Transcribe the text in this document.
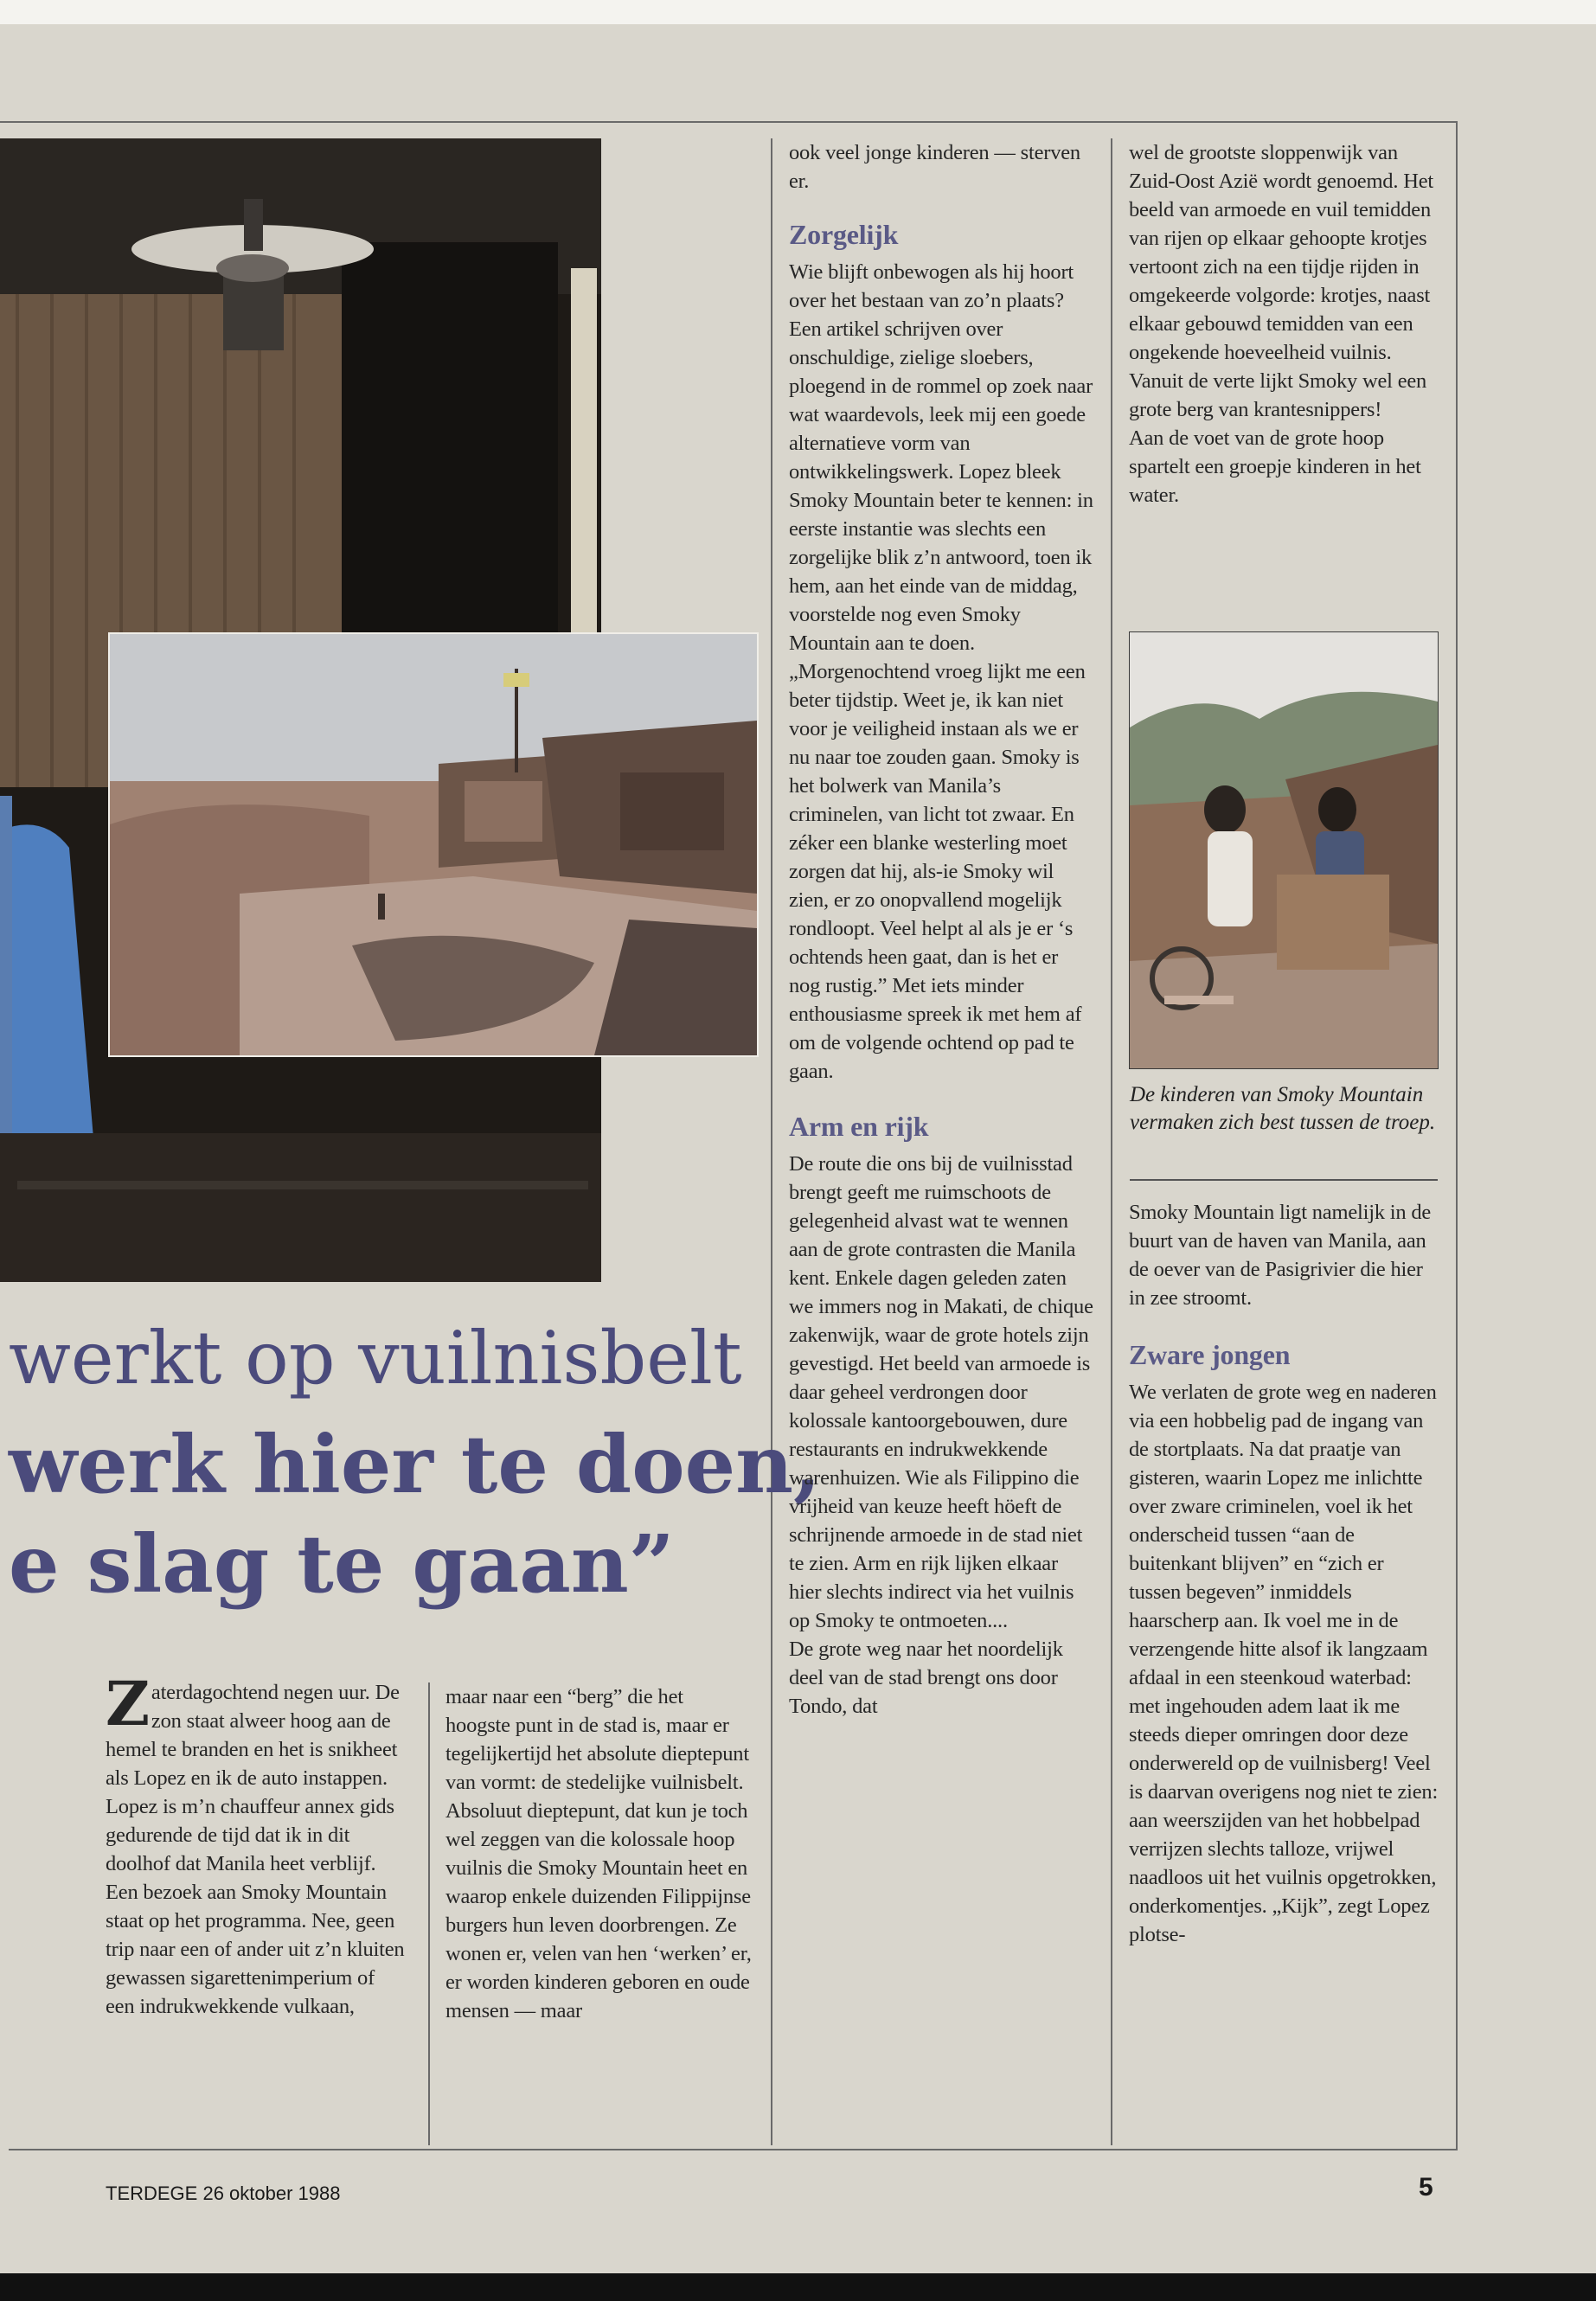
werkt op vuilnisbelt
werk hier te doen,
e slag te gaan”

Zaterdagochtend negen uur. De zon staat alweer hoog aan de hemel te branden en het is snikheet als Lopez en ik de auto instappen. Lopez is m’n chauffeur annex gids gedurende de tijd dat ik in dit doolhof dat Manila heet verblijf. Een bezoek aan Smoky Mountain staat op het programma. Nee, geen trip naar een of ander uit z’n kluiten gewassen sigarettenimperium of een indrukwekkende vulkaan,

maar naar een “berg” die het hoogste punt in de stad is, maar er tegelijkertijd het absolute dieptepunt van vormt: de stedelijke vuilnisbelt. Absoluut dieptepunt, dat kun je toch wel zeggen van die kolossale hoop vuilnis die Smoky Mountain heet en waarop enkele duizenden Filippijnse burgers hun leven doorbrengen. Ze wonen er, velen van hen ‘werken’ er, er worden kinderen geboren en oude mensen — maar

ook veel jonge kinderen — sterven er.

Zorgelijk

Wie blijft onbewogen als hij hoort over het bestaan van zo’n plaats? Een artikel schrijven over onschuldige, zielige sloebers, ploegend in de rommel op zoek naar wat waardevols, leek mij een goede alternatieve vorm van ontwikkelingswerk. Lopez bleek Smoky Mountain beter te kennen: in eerste instantie was slechts een zorgelijke blik z’n antwoord, toen ik hem, aan het einde van de middag, voorstelde nog even Smoky Mountain aan te doen. „Morgenochtend vroeg lijkt me een beter tijdstip. Weet je, ik kan niet voor je veiligheid instaan als we er nu naar toe zouden gaan. Smoky is het bolwerk van Manila’s criminelen, van licht tot zwaar. En zéker een blanke westerling moet zorgen dat hij, als-ie Smoky wil zien, er zo onopvallend mogelijk rondloopt. Veel helpt al als je er ‘s ochtends heen gaat, dan is het er nog rustig.” Met iets minder enthousiasme spreek ik met hem af om de volgende ochtend op pad te gaan.

Arm en rijk

De route die ons bij de vuilnisstad brengt geeft me ruimschoots de gelegenheid alvast wat te wennen aan de grote contrasten die Manila kent. Enkele dagen geleden zaten we immers nog in Makati, de chique zakenwijk, waar de grote hotels zijn gevestigd. Het beeld van armoede is daar geheel verdrongen door kolossale kantoorgebouwen, dure restaurants en indrukwekkende warenhuizen. Wie als Filippino die vrijheid van keuze heeft höeft de schrijnende armoede in de stad niet te zien. Arm en rijk lijken elkaar hier slechts indirect via het vuilnis op Smoky te ontmoeten....

De grote weg naar het noordelijk deel van de stad brengt ons door Tondo, dat

wel de grootste sloppenwijk van Zuid-Oost Azië wordt genoemd. Het beeld van armoede en vuil temidden van rijen op elkaar gehoopte krotjes vertoont zich na een tijdje rijden in omgekeerde volgorde: krotjes, naast elkaar gebouwd temidden van een ongekende hoeveelheid vuilnis. Vanuit de verte lijkt Smoky wel een grote berg van krantesnippers!

Aan de voet van de grote hoop spartelt een groepje kinderen in het water.

De kinderen van Smoky Mountain vermaken zich best tussen de troep.

Smoky Mountain ligt namelijk in de buurt van de haven van Manila, aan de oever van de Pasigrivier die hier in zee stroomt.

Zware jongen

We verlaten de grote weg en naderen via een hobbelig pad de ingang van de stortplaats. Na dat praatje van gisteren, waarin Lopez me inlichtte over zware criminelen, voel ik het onderscheid tussen “aan de buitenkant blijven” en “zich er tussen begeven” inmiddels haarscherp aan. Ik voel me in de verzengende hitte alsof ik langzaam afdaal in een steenkoud waterbad: met ingehouden adem laat ik me steeds dieper omringen door deze onderwereld op de vuilnisberg! Veel is daarvan overigens nog niet te zien: aan weerszijden van het hobbelpad verrijzen slechts talloze, vrijwel naadloos uit het vuilnis opgetrokken, onderkomentjes. „Kijk”, zegt Lopez plotse-

TERDEGE 26 oktober 1988	5
